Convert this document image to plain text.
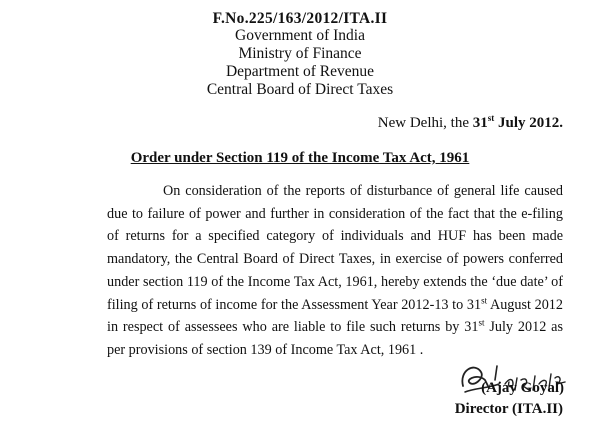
F.No.225/163/2012/ITA.II
Government of India
Ministry of Finance
Department of Revenue
Central Board of Direct Taxes
New Delhi, the 31st July 2012.
Order under Section 119 of the Income Tax Act, 1961
On consideration of the reports of disturbance of general life caused due to failure of power and further in consideration of the fact that the e-filing of returns for a specified category of individuals and HUF has been made mandatory, the Central Board of Direct Taxes, in exercise of powers conferred under section 119 of the Income Tax Act, 1961, hereby extends the ‘due date’ of filing of returns of income for the Assessment Year 2012-13 to 31st August 2012 in respect of assessees who are liable to file such returns by 31st July 2012 as per provisions of section 139 of Income Tax Act, 1961 .
(Ajay Goyal)
Director (ITA.II)
